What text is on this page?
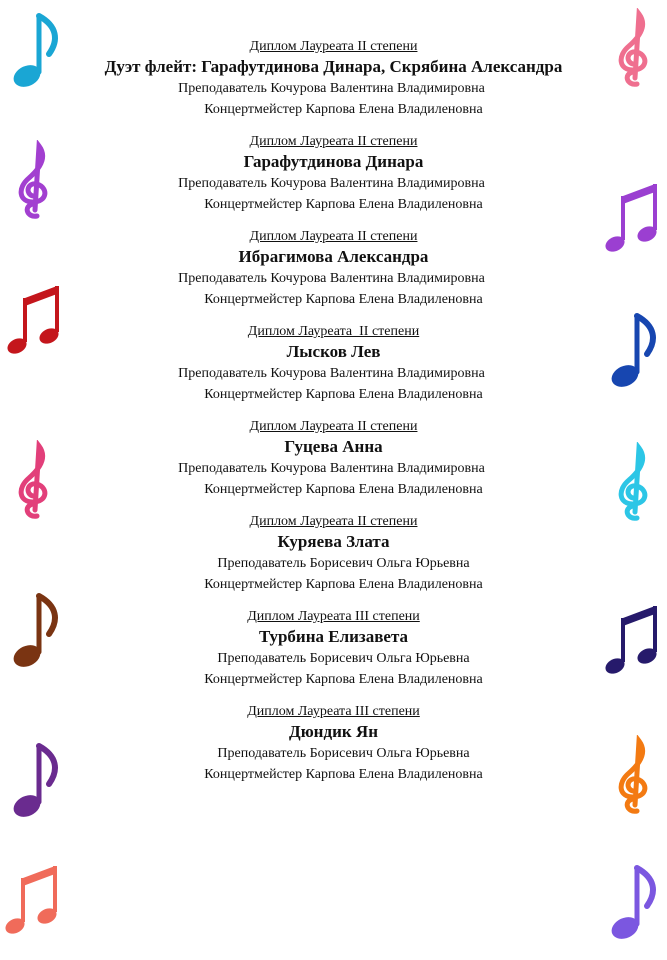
Диплом Лауреата II степени
Дуэт флейт: Гарафутдинова Динара, Скрябина Александра
Преподаватель Кочурова Валентина Владимировна
Концертмейстер Карпова Елена Владиленовна
Диплом Лауреата II степени
Гарафутдинова Динара
Преподаватель Кочурова Валентина Владимировна
Концертмейстер Карпова Елена Владиленовна
Диплом Лауреата II степени
Ибрагимова Александра
Преподаватель Кочурова Валентина Владимировна
Концертмейстер Карпова Елена Владиленовна
Диплом Лауреата  II степени
Лысков Лев
Преподаватель Кочурова Валентина Владимировна
Концертмейстер Карпова Елена Владиленовна
Диплом Лауреата II степени
Гуцева Анна
Преподаватель Кочурова Валентина Владимировна
Концертмейстер Карпова Елена Владиленовна
Диплом Лауреата II степени
Куряева Злата
Преподаватель Борисевич Ольга Юрьевна
Концертмейстер Карпова Елена Владиленовна
Диплом Лауреата III степени
Турбина Елизавета
Преподаватель Борисевич Ольга Юрьевна
Концертмейстер Карпова Елена Владиленовна
Диплом Лауреата III степени
Дюндик Ян
Преподаватель Борисевич Ольга Юрьевна
Концертмейстер Карпова Елена Владиленовна
